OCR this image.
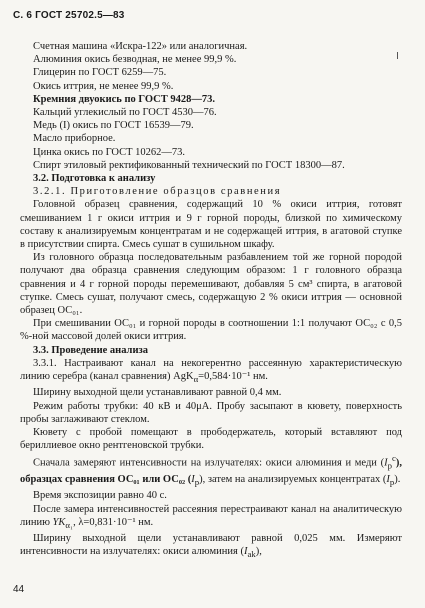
С. 6 ГОСТ 25702.5—83

Счетная машина «Искра-122» или аналогичная.

Алюминия окись безводная, не менее 99,9 %.

Глицерин по ГОСТ 6259—75.

Окись иттрия, не менее 99,9 %.

Кремния двуокись по ГОСТ 9428—73.

Кальций углекислый по ГОСТ 4530—76.

Медь (I) окись по ГОСТ 16539—79.

Масло приборное.

Цинка окись по ГОСТ 10262—73.

Спирт этиловый ректификованный технический по ГОСТ 18300—87.

3.2. Подготовка к анализу

3.2.1. Приготовление образцов сравнения

Головной образец сравнения, содержащий 10 % окиси иттрия, готовят смешиванием 1 г окиси иттрия и 9 г горной породы, близкой по химическому составу к анализируемым концентратам и не содержащей иттрия, в агатовой ступке в присутствии спирта. Смесь сушат в сушильном шкафу.

Из головного образца последовательным разбавлением той же горной породой получают два образца сравнения следующим образом: 1 г головного образца сравнения и 4 г горной породы перемешивают, добавляя 5 см³ спирта, в агатовой ступке. Смесь сушат, получают смесь, содержащую 2 % окиси иттрия — основной образец ОС₀₁.

При смешивании ОС₀₁ и горной породы в соотношении 1:1 получают ОС₀₂ с 0,5 %-ной массовой долей окиси иттрия.

3.3. Проведение анализа

3.3.1. Настраивают канал на некогерентно рассеянную характеристическую линию серебра (канал сравнения) AgK$_\alpha$=0,584·10⁻¹ нм.

Ширину выходной щели устанавливают равной 0,4 мм.

Режим работы трубки: 40 кВ и 40μА. Пробу засыпают в кювету, поверхность пробы заглаживают стеклом.

Кювету с пробой помещают в прободержатель, который вставляют под бериллиевое окно рентгеновской трубки.

Сначала замеряют интенсивности на излучателях: окиси алюминия и меди $(I_p^с)$, образцах сравнения ОС₀₁ или ОС₀₂ $(I_p)$, затем на анализируемых концентратах $(I_p)$.

Время экспозиции равно 40 с.

После замера интенсивностей рассеяния перестраивают канал на аналитическую линию $YK_{\alpha_1}$, λ=0,831·10⁻¹ нм.

Ширину выходной щели устанавливают равной 0,025 мм. Измеряют интенсивности на излучателях: окиси алюминия $(I_{ak})$,

44
